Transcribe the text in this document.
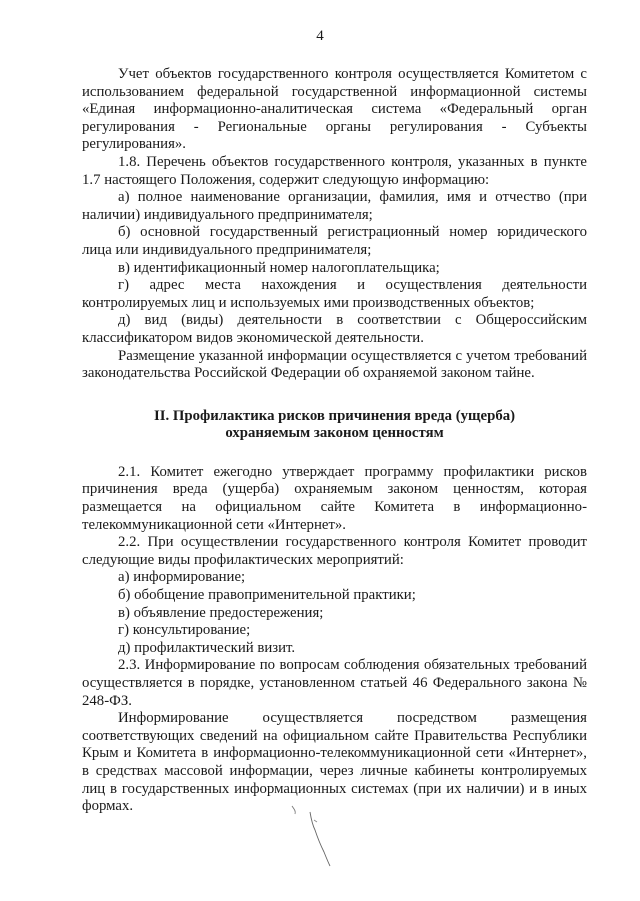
4

Учет объектов государственного контроля осуществляется Комитетом с использованием федеральной государственной информационной системы «Единая информационно-аналитическая система «Федеральный орган регулирования - Региональные органы регулирования - Субъекты регулирования».

1.8. Перечень объектов государственного контроля, указанных в пункте 1.7 настоящего Положения, содержит следующую информацию:

а) полное наименование организации, фамилия, имя и отчество (при наличии) индивидуального предпринимателя;

б) основной государственный регистрационный номер юридического лица или индивидуального предпринимателя;

в) идентификационный номер налогоплательщика;

г) адрес места нахождения и осуществления деятельности контролируемых лиц и используемых ими производственных объектов;

д) вид (виды) деятельности в соответствии с Общероссийским классификатором видов экономической деятельности.

Размещение указанной информации осуществляется с учетом требований законодательства Российской Федерации об охраняемой законом тайне.

II. Профилактика рисков причинения вреда (ущерба)
охраняемым законом ценностям

2.1. Комитет ежегодно утверждает программу профилактики рисков причинения вреда (ущерба) охраняемым законом ценностям, которая размещается на официальном сайте Комитета в информационно-телекоммуникационной сети «Интернет».

2.2. При осуществлении государственного контроля Комитет проводит следующие виды профилактических мероприятий:

а) информирование;

б) обобщение правоприменительной практики;

в) объявление предостережения;

г) консультирование;

д) профилактический визит.

2.3. Информирование по вопросам соблюдения обязательных требований осуществляется в порядке, установленном статьей 46 Федерального закона № 248-ФЗ.

Информирование осуществляется посредством размещения соответствующих сведений на официальном сайте Правительства Республики Крым и Комитета в информационно-телекоммуникационной сети «Интернет», в средствах массовой информации, через личные кабинеты контролируемых лиц в государственных информационных системах (при их наличии) и в иных формах.
